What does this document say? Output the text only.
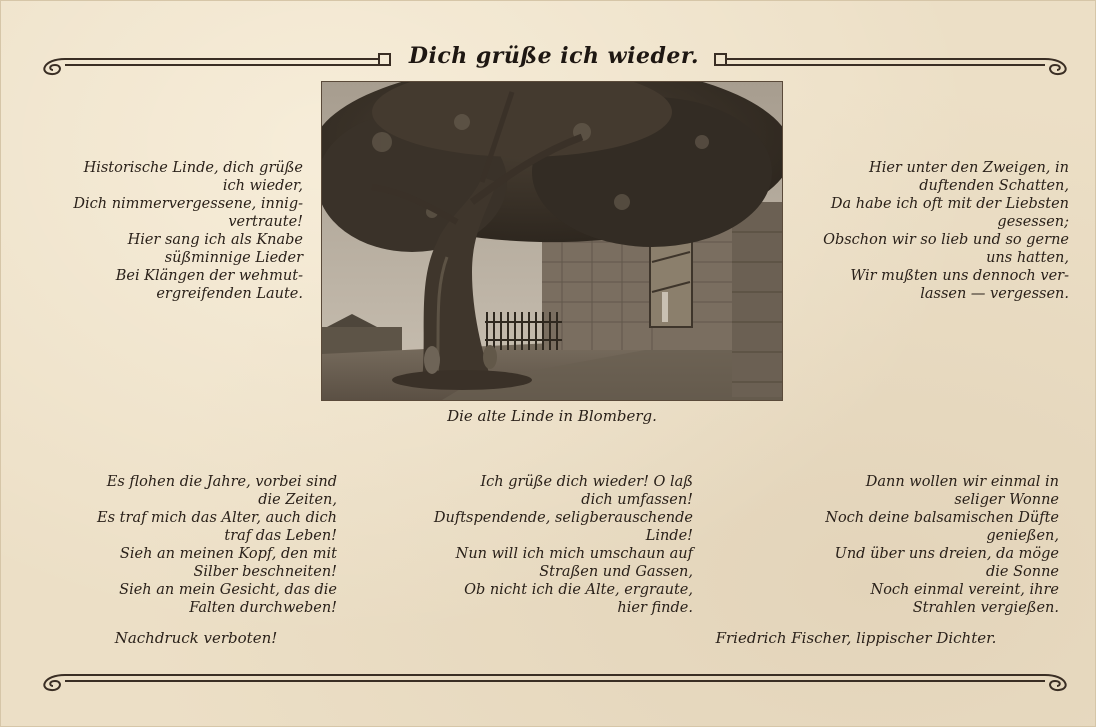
Dich grüße ich wieder.
Die alte Linde in Blomberg.
Historische Linde, dich grüße
ich wieder,
Dich nimmervergessene, innig-
vertraute!
Hier sang ich als Knabe
süßminnige Lieder
Bei Klängen der wehmut-
ergreifenden Laute.
Hier unter den Zweigen, in
duftenden Schatten,
Da habe ich oft mit der Liebsten
gesessen;
Obschon wir so lieb und so gerne
uns hatten,
Wir mußten uns dennoch ver-
lassen — vergessen.
Es flohen die Jahre, vorbei sind
die Zeiten,
Es traf mich das Alter, auch dich
traf das Leben!
Sieh an meinen Kopf, den mit
Silber beschneiten!
Sieh an mein Gesicht, das die
Falten durchweben!
Ich grüße dich wieder! O laß
dich umfassen!
Duftspendende, seligberauschende
Linde!
Nun will ich mich umschaun auf
Straßen und Gassen,
Ob nicht ich die Alte, ergraute,
hier finde.
Dann wollen wir einmal in
seliger Wonne
Noch deine balsamischen Düfte
genießen,
Und über uns dreien, da möge
die Sonne
Noch einmal vereint, ihre
Strahlen vergießen.
Nachdruck verboten!	Friedrich Fischer, lippischer Dichter.
